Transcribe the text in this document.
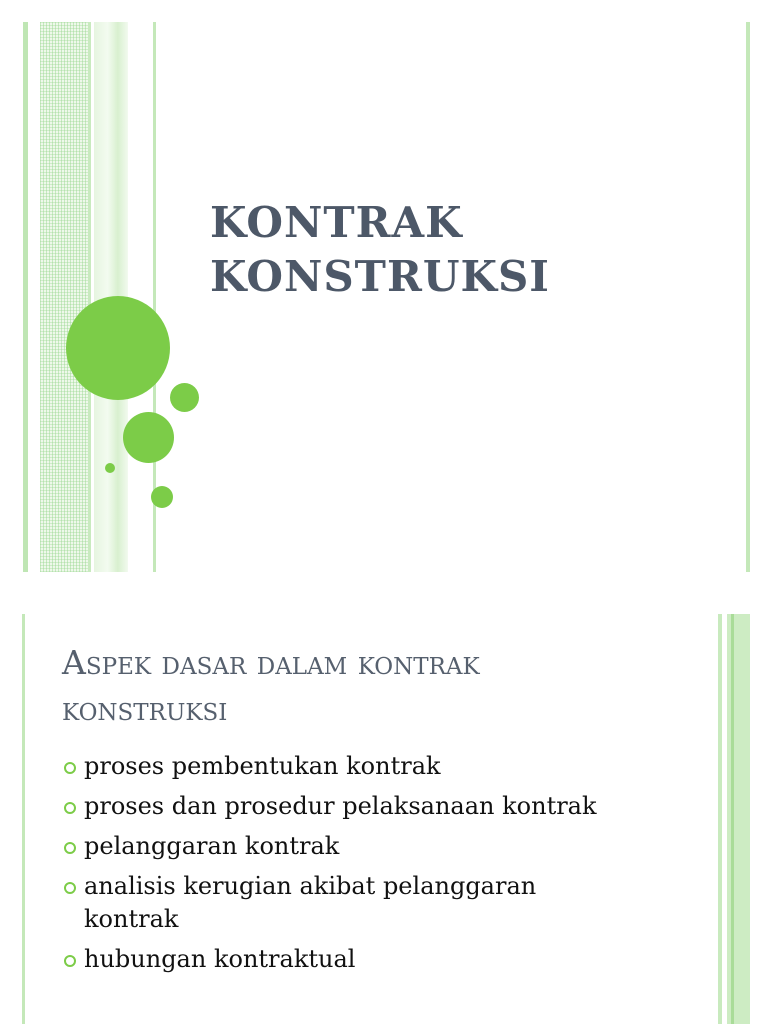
KONTRAK
KONSTRUKSI
Aspek dasar dalam kontrak
konstruksi
proses pembentukan kontrak
proses dan prosedur pelaksanaan kontrak
pelanggaran kontrak
analisis kerugian akibat pelanggaran kontrak
hubungan kontraktual
